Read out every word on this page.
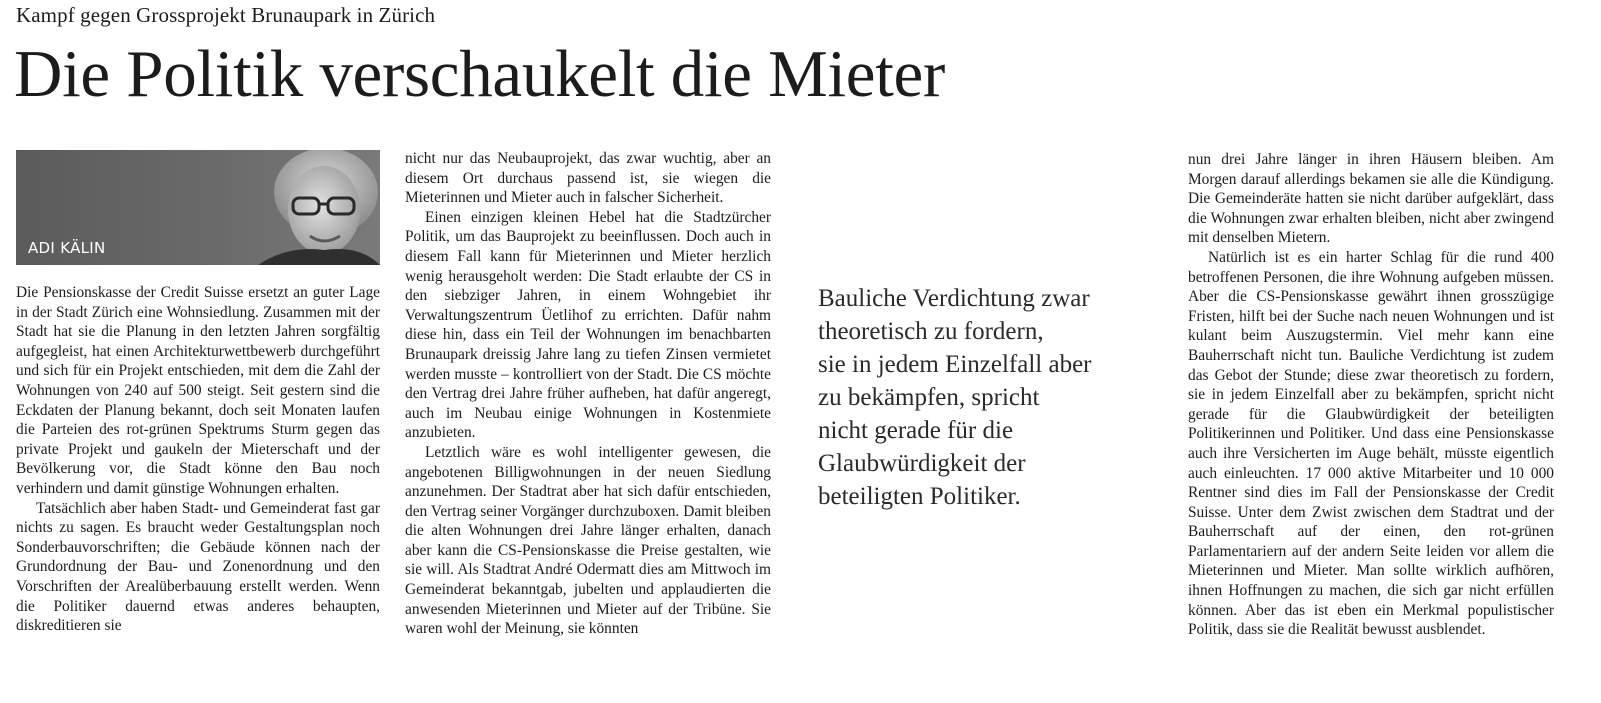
Kampf gegen Grossprojekt Brunaupark in Zürich
Die Politik verschaukelt die Mieter
ADI KÄLIN

Die Pensionskasse der Credit Suisse ersetzt an guter Lage in der Stadt Zürich eine Wohnsiedlung. Zusammen mit der Stadt hat sie die Planung in den letzten Jahren sorgfältig aufgegleist, hat einen Architekturwettbewerb durchgeführt und sich für ein Projekt entschieden, mit dem die Zahl der Wohnungen von 240 auf 500 steigt. Seit gestern sind die Eckdaten der Planung bekannt, doch seit Monaten laufen die Parteien des rot-grünen Spektrums Sturm gegen das private Projekt und gaukeln der Mieterschaft und der Bevölkerung vor, die Stadt könne den Bau noch verhindern und damit günstige Wohnungen erhalten.

Tatsächlich aber haben Stadt- und Gemeinderat fast gar nichts zu sagen. Es braucht weder Gestaltungsplan noch Sonderbauvorschriften; die Gebäude können nach der Grundordnung der Bau- und Zonenordnung und den Vorschriften der Arealüberbauung erstellt werden. Wenn die Politiker dauernd etwas anderes behaupten, diskreditieren sie

nicht nur das Neubauprojekt, das zwar wuchtig, aber an diesem Ort durchaus passend ist, sie wiegen die Mieterinnen und Mieter auch in falscher Sicherheit.

Einen einzigen kleinen Hebel hat die Stadtzürcher Politik, um das Bauprojekt zu beeinflussen. Doch auch in diesem Fall kann für Mieterinnen und Mieter herzlich wenig herausgeholt werden: Die Stadt erlaubte der CS in den siebziger Jahren, in einem Wohngebiet ihr Verwaltungszentrum Üetlihof zu errichten. Dafür nahm diese hin, dass ein Teil der Wohnungen im benachbarten Brunaupark dreissig Jahre lang zu tiefen Zinsen vermietet werden musste – kontrolliert von der Stadt. Die CS möchte den Vertrag drei Jahre früher aufheben, hat dafür angeregt, auch im Neubau einige Wohnungen in Kostenmiete anzubieten.

Letztlich wäre es wohl intelligenter gewesen, die angebotenen Billigwohnungen in der neuen Siedlung anzunehmen. Der Stadtrat aber hat sich dafür entschieden, den Vertrag seiner Vorgänger durchzuboxen. Damit bleiben die alten Wohnungen drei Jahre länger erhalten, danach aber kann die CS-Pensionskasse die Preise gestalten, wie sie will. Als Stadtrat André Odermatt dies am Mittwoch im Gemeinderat bekanntgab, jubelten und applaudierten die anwesenden Mieterinnen und Mieter auf der Tribüne. Sie waren wohl der Meinung, sie könnten

Bauliche Verdichtung zwar
theoretisch zu fordern,
sie in jedem Einzelfall aber
zu bekämpfen, spricht
nicht gerade für die
Glaubwürdigkeit der
beteiligten Politiker.

nun drei Jahre länger in ihren Häusern bleiben. Am Morgen darauf allerdings bekamen sie alle die Kündigung. Die Gemeinderäte hatten sie nicht darüber aufgeklärt, dass die Wohnungen zwar erhalten bleiben, nicht aber zwingend mit denselben Mietern.

Natürlich ist es ein harter Schlag für die rund 400 betroffenen Personen, die ihre Wohnung aufgeben müssen. Aber die CS-Pensionskasse gewährt ihnen grosszügige Fristen, hilft bei der Suche nach neuen Wohnungen und ist kulant beim Auszugstermin. Viel mehr kann eine Bauherrschaft nicht tun. Bauliche Verdichtung ist zudem das Gebot der Stunde; diese zwar theoretisch zu fordern, sie in jedem Einzelfall aber zu bekämpfen, spricht nicht gerade für die Glaubwürdigkeit der beteiligten Politikerinnen und Politiker. Und dass eine Pensionskasse auch ihre Versicherten im Auge behält, müsste eigentlich auch einleuchten. 17 000 aktive Mitarbeiter und 10 000 Rentner sind dies im Fall der Pensionskasse der Credit Suisse. Unter dem Zwist zwischen dem Stadtrat und der Bauherrschaft auf der einen, den rot-grünen Parlamentariern auf der andern Seite leiden vor allem die Mieterinnen und Mieter. Man sollte wirklich aufhören, ihnen Hoffnungen zu machen, die sich gar nicht erfüllen können. Aber das ist eben ein Merkmal populistischer Politik, dass sie die Realität bewusst ausblendet.
